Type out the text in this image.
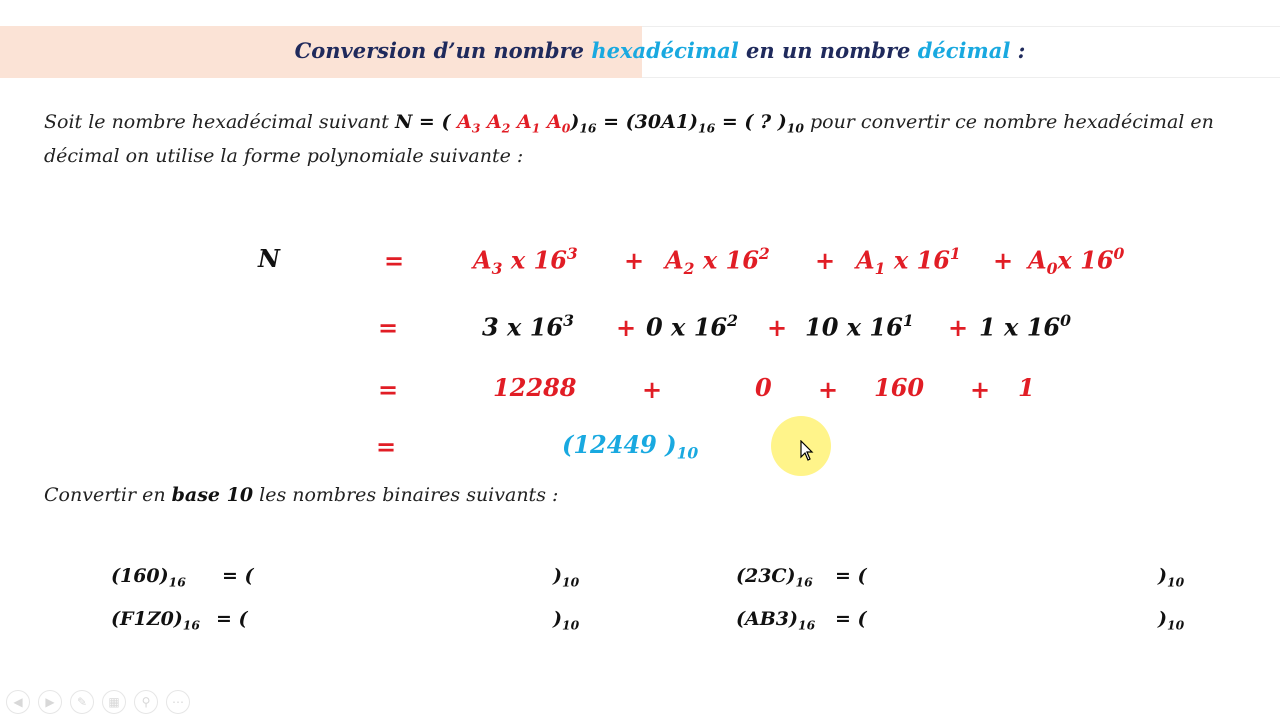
Conversion d’un nombre hexadécimal en un nombre décimal :
Soit le nombre hexadécimal suivant N = ( $A_3$ $A_2$ $A_1$ $A_0)_{16} = (30A1)_{16}$ = ( ? )$_{10}$ pour convertir ce nombre hexadécimal en
décimal on utilise la forme polynomiale suivante :
N	=	$A_3$ x $16^3 + A_2$ x $16^2 + A_1$ x $16^1 + A_0x$ $16^0$
=	3 x $16^3 + 0$ x $16^2 + 10$ x $16^1 + 1$ x $16^0$
=	12288	+	0 + 160 + 1
=	(12449 )$_{10}$
Convertir en base 10 les nombres binaires suivants :
$(160)_{16}$ = (	)$_{10}$	$(23C)_{16}$ = (	)$_{10}$
$(F1Z0)_{16}$ = (	)$_{10}$	$(AB3)_{16}$ = (	)$_{10}$
◀	▶	✎	▦	⚲	⋯
